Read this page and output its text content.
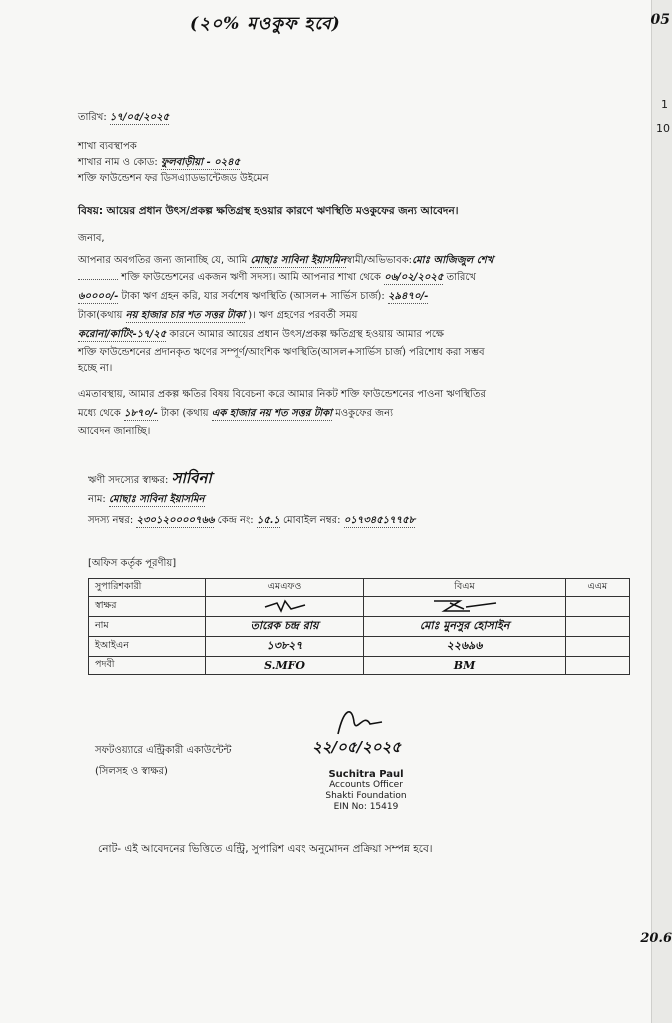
05
1
10
20.6
(২০% মওকুফ হবে)
তারিখ: ১৭/০৫/২০২৫
শাখা ব্যবস্থাপক
শাখার নাম ও কোড: ফুলবাড়ীয়া - ০২৪৫
শক্তি ফাউন্ডেশন ফর ডিসএ্যাডভান্টেজড উইমেন
বিষয়: আয়ের প্রধান উৎস/প্রকল্প ক্ষতিগ্রস্থ হওয়ার কারণে ঋণস্থিতি মওকুফের জন্য আবেদন।
জনাব,
আপনার অবগতির জন্য জানাচ্ছি যে, আমি মোছাঃ সাবিনা ইয়াসমিনস্বামী/অভিভাবক:মোঃ আজিজুল শেখ
শক্তি ফাউন্ডেশনের একজন ঋণী সদস্য। আমি আপনার শাখা থেকে ০৬/০২/২০২৫ তারিখে
৬০০০০/- টাকা ঋণ গ্রহন করি, যার সর্বশেষ ঋণস্থিতি (আসল+ সার্ভিস চার্জ): ২৯৪৭০/-
টাকা(কথায় নয় হাজার চার শত সত্তর টাকা )। ঋণ গ্রহণের পরবর্তী সময়
করোনা/কাটিং-১৭/২৫ কারনে আমার আয়ের প্রধান উৎস/প্রকল্প ক্ষতিগ্রস্থ হওয়ায় আমার পক্ষে
শক্তি ফাউন্ডেশনের প্রদানকৃত ঋণের সম্পূর্ণ/আংশিক ঋণস্থিতি(আসল+সার্ভিস চার্জ) পরিশোধ করা সম্ভব
হচ্ছে না।
এমতাবস্থায়, আমার প্রকল্প ক্ষতির বিষয় বিবেচনা করে আমার নিকট শক্তি ফাউন্ডেশনের পাওনা ঋণস্থিতির
মধ্যে থেকে ১৮৭০/- টাকা (কথায় এক হাজার নয় শত সত্তর টাকা মওকুফের জন্য
আবেদন জানাচ্ছি।
ঋণী সদস্যের স্বাক্ষর: সাবিনা
নাম: মোছাঃ সাবিনা ইয়াসমিন
সদস্য নম্বর: ২৩০১২০০০০৭৬৬ কেন্দ্র নং: ১৫.১ মোবাইল নম্বর: ০১৭৩৪৫১৭৭৫৮
[অফিস কর্তৃক পূরণীয়]
সুপারিশকারী	এমএফও	বিএম	এএম
স্বাক্ষর			
নাম	তারেক চন্দ্র রায়	মোঃ মুনসুর হোসাইন	
ইআইএন	১৩৮২৭	২২৬৯৬	
পদবী	S.MFO	BM	
সফটওয়্যারে এন্ট্রিকারী একাউন্টেন্ট
(সিলসহ ও স্বাক্ষর)
২২/০৫/২০২৫
Suchitra Paul
Accounts Officer
Shakti Foundation
EIN No: 15419
নোট- এই আবেদনের ভিত্তিতে এন্ট্রি, সুপারিশ এবং অনুমোদন প্রক্রিয়া সম্পন্ন হবে।
